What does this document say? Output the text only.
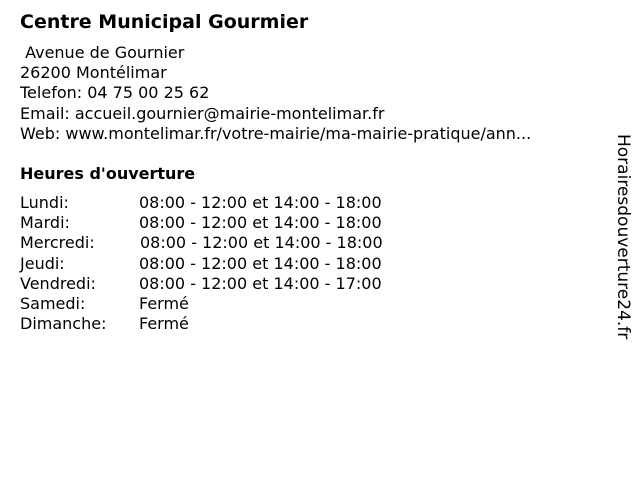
Centre Municipal Gourmier
Avenue de Gournier
26200 Montélimar
Telefon: 04 75 00 25 62
Email: accueil.gournier@mairie-montelimar.fr
Web: www.montelimar.fr/votre-mairie/ma-mairie-pratique/ann...
Heures d'ouverture
Lundi:	08:00 - 12:00 et 14:00 - 18:00
Mardi:	08:00 - 12:00 et 14:00 - 18:00
Mercredi:	08:00 - 12:00 et 14:00 - 18:00
Jeudi:	08:00 - 12:00 et 14:00 - 18:00
Vendredi:	08:00 - 12:00 et 14:00 - 17:00
Samedi:	Fermé
Dimanche: Fermé	Horairesdouverture24.fr
